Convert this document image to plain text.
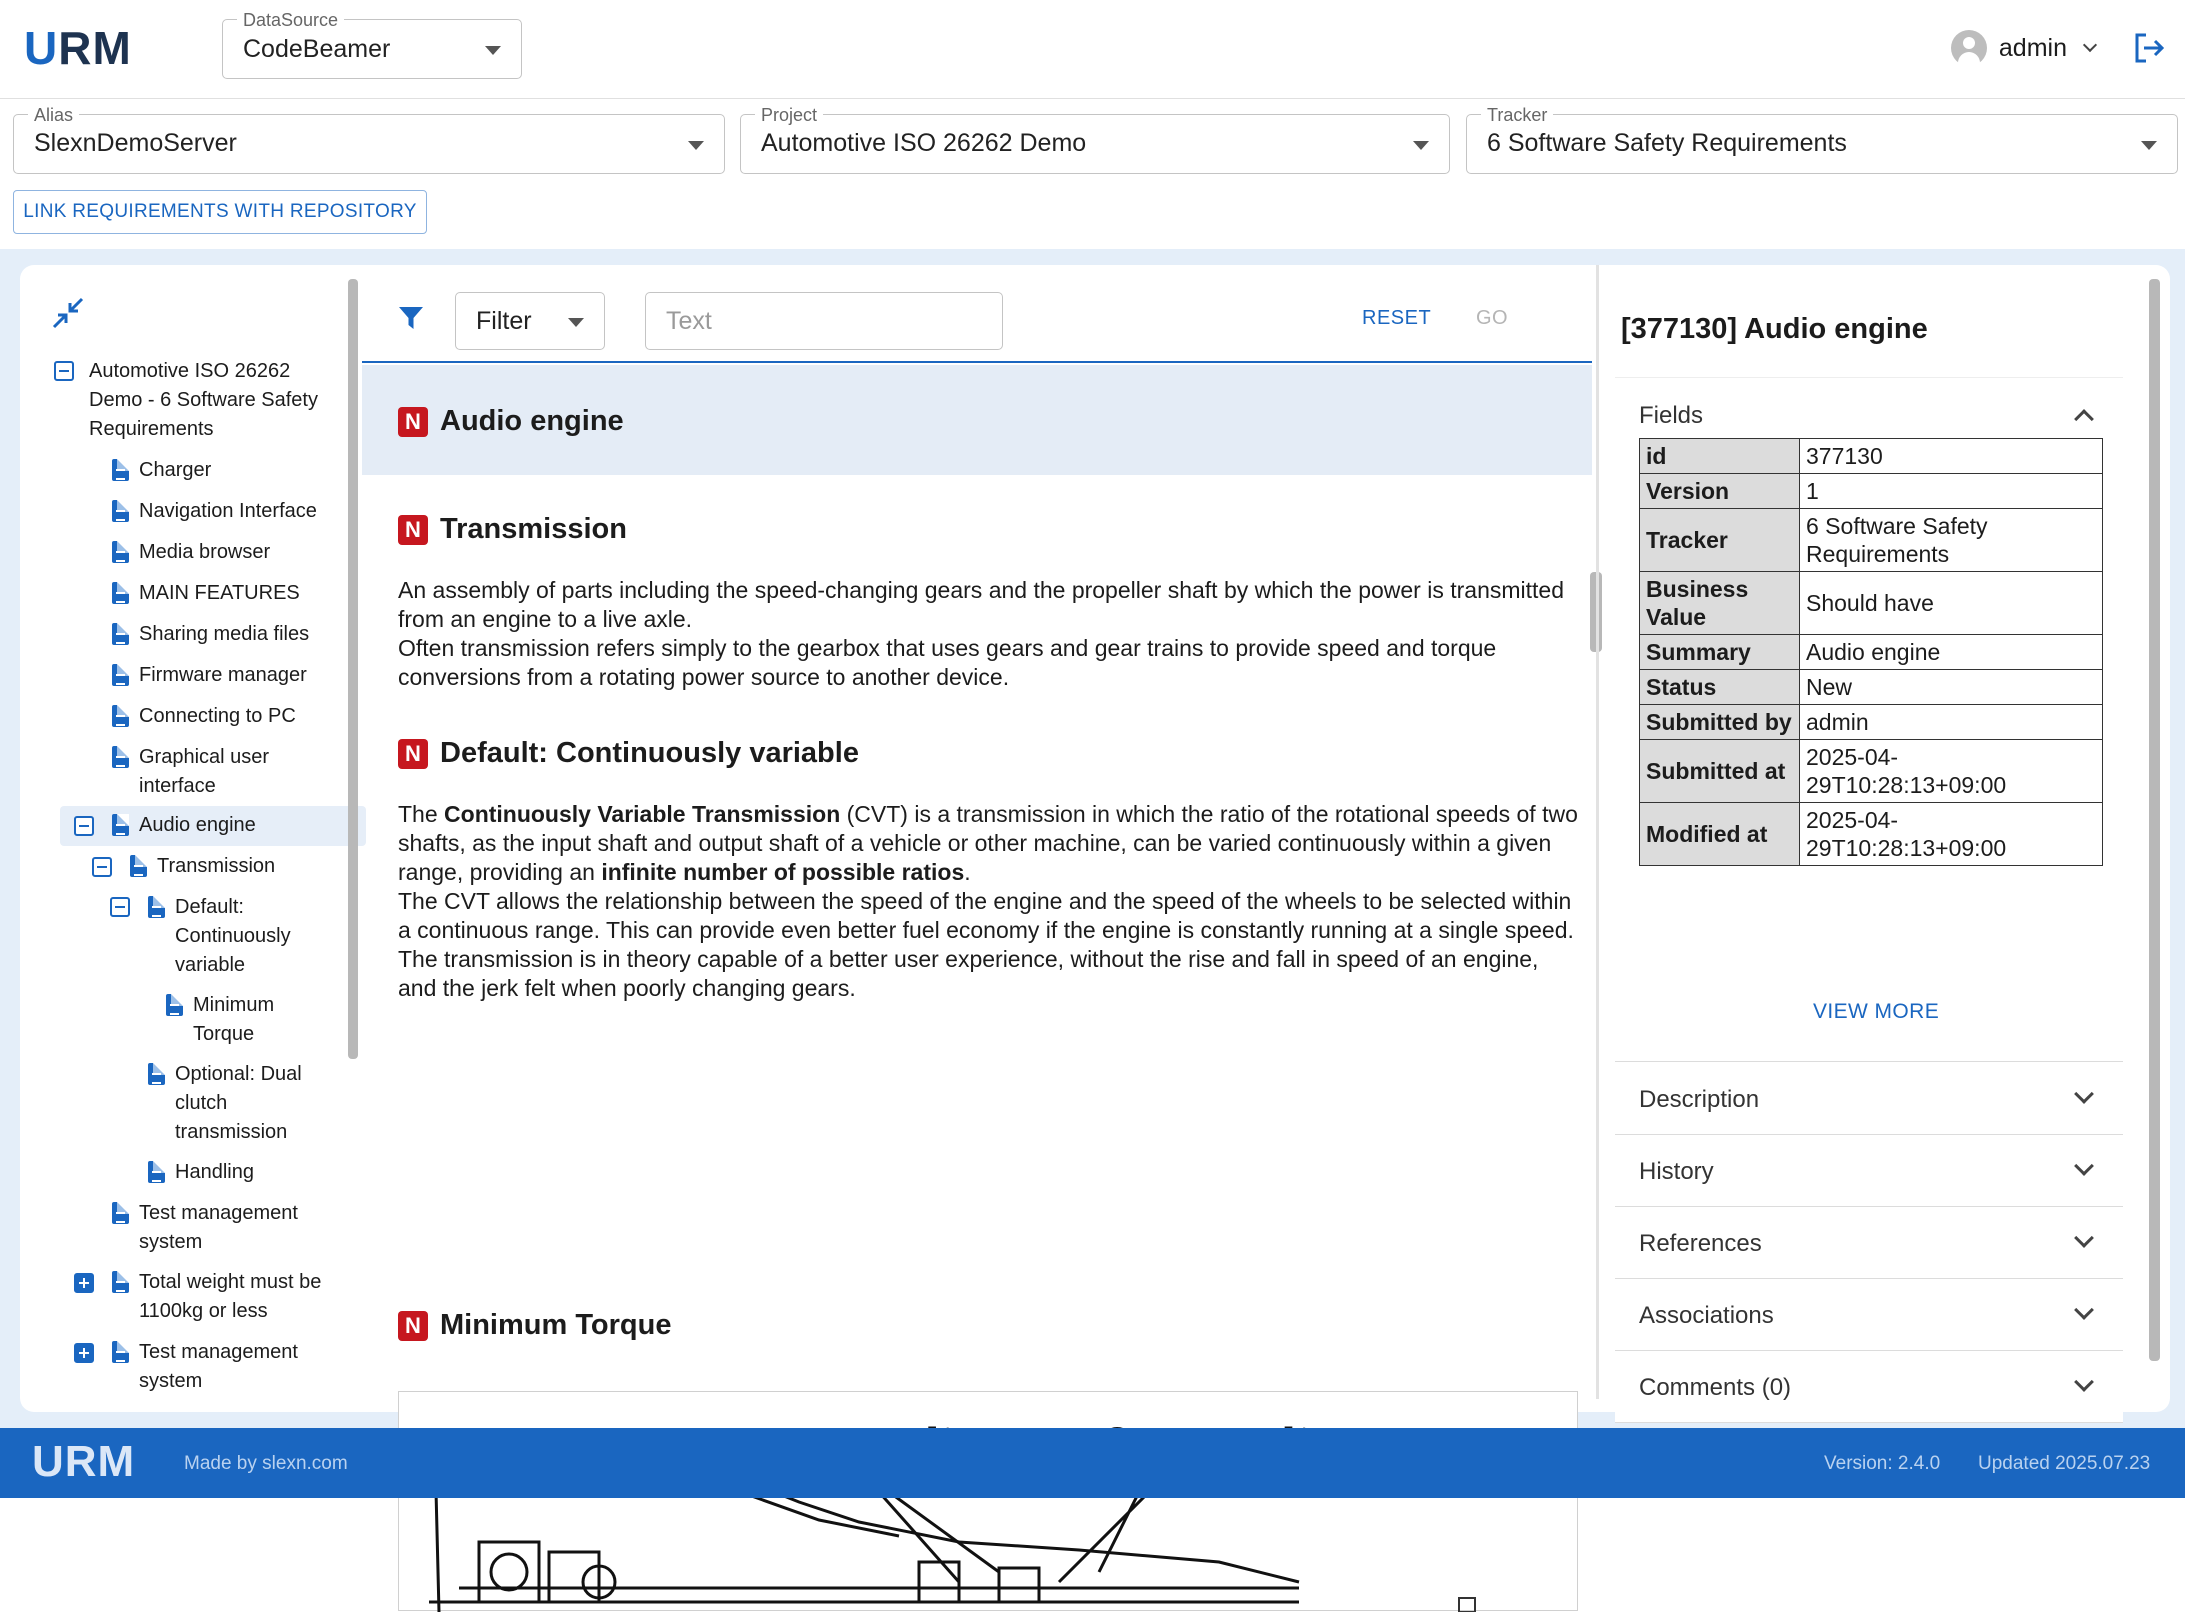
URM
DataSource
CodeBeamer	admin
Alias
SlexnDemoServer
Project
Automotive ISO 26262 Demo
Tracker
6 Software Safety Requirements
LINK REQUIREMENTS WITH REPOSITORY
Automotive ISO 26262 Demo - 6 Software Safety Requirements
Charger
Navigation Interface
Media browser
MAIN FEATURES
Sharing media files
Firmware manager
Connecting to PC
Graphical user interface
Audio engine
Transmission
Default: Continuously variable
Minimum Torque
Optional: Dual clutch transmission
Handling
Test management system
Total weight must be 1100kg or less
Test management system
Filter	Text	RESET GO
N Audio engine
N Transmission
An assembly of parts including the speed-changing gears and the propeller shaft by which the power is transmitted from an engine to a live axle.
Often transmission refers simply to the gearbox that uses gears and gear trains to provide speed and torque conversions from a rotating power source to another device.
N Default: Continuously variable
The Continuously Variable Transmission (CVT) is a transmission in which the ratio of the rotational speeds of two shafts, as the input shaft and output shaft of a vehicle or other machine, can be varied continuously within a given range, providing an infinite number of possible ratios.
The CVT allows the relationship between the speed of the engine and the speed of the wheels to be selected within a continuous range. This can provide even better fuel economy if the engine is constantly running at a single speed. The transmission is in theory capable of a better user experience, without the rise and fall in speed of an engine, and the jerk felt when poorly changing gears.
N Minimum Torque
[377130] Audio engine
Fields
id	377130
Version	1
Tracker	6 Software Safety Requirements
Business Value	Should have
Summary	Audio engine
Status	New
Submitted by	admin
Submitted at	2025-04-29T10:28:13+09:00
Modified at	2025-04-29T10:28:13+09:00
VIEW MORE
Description
History
References
Associations
Comments (0)
URM	Made by slexn.com	Version: 2.4.0 Updated 2025.07.23
